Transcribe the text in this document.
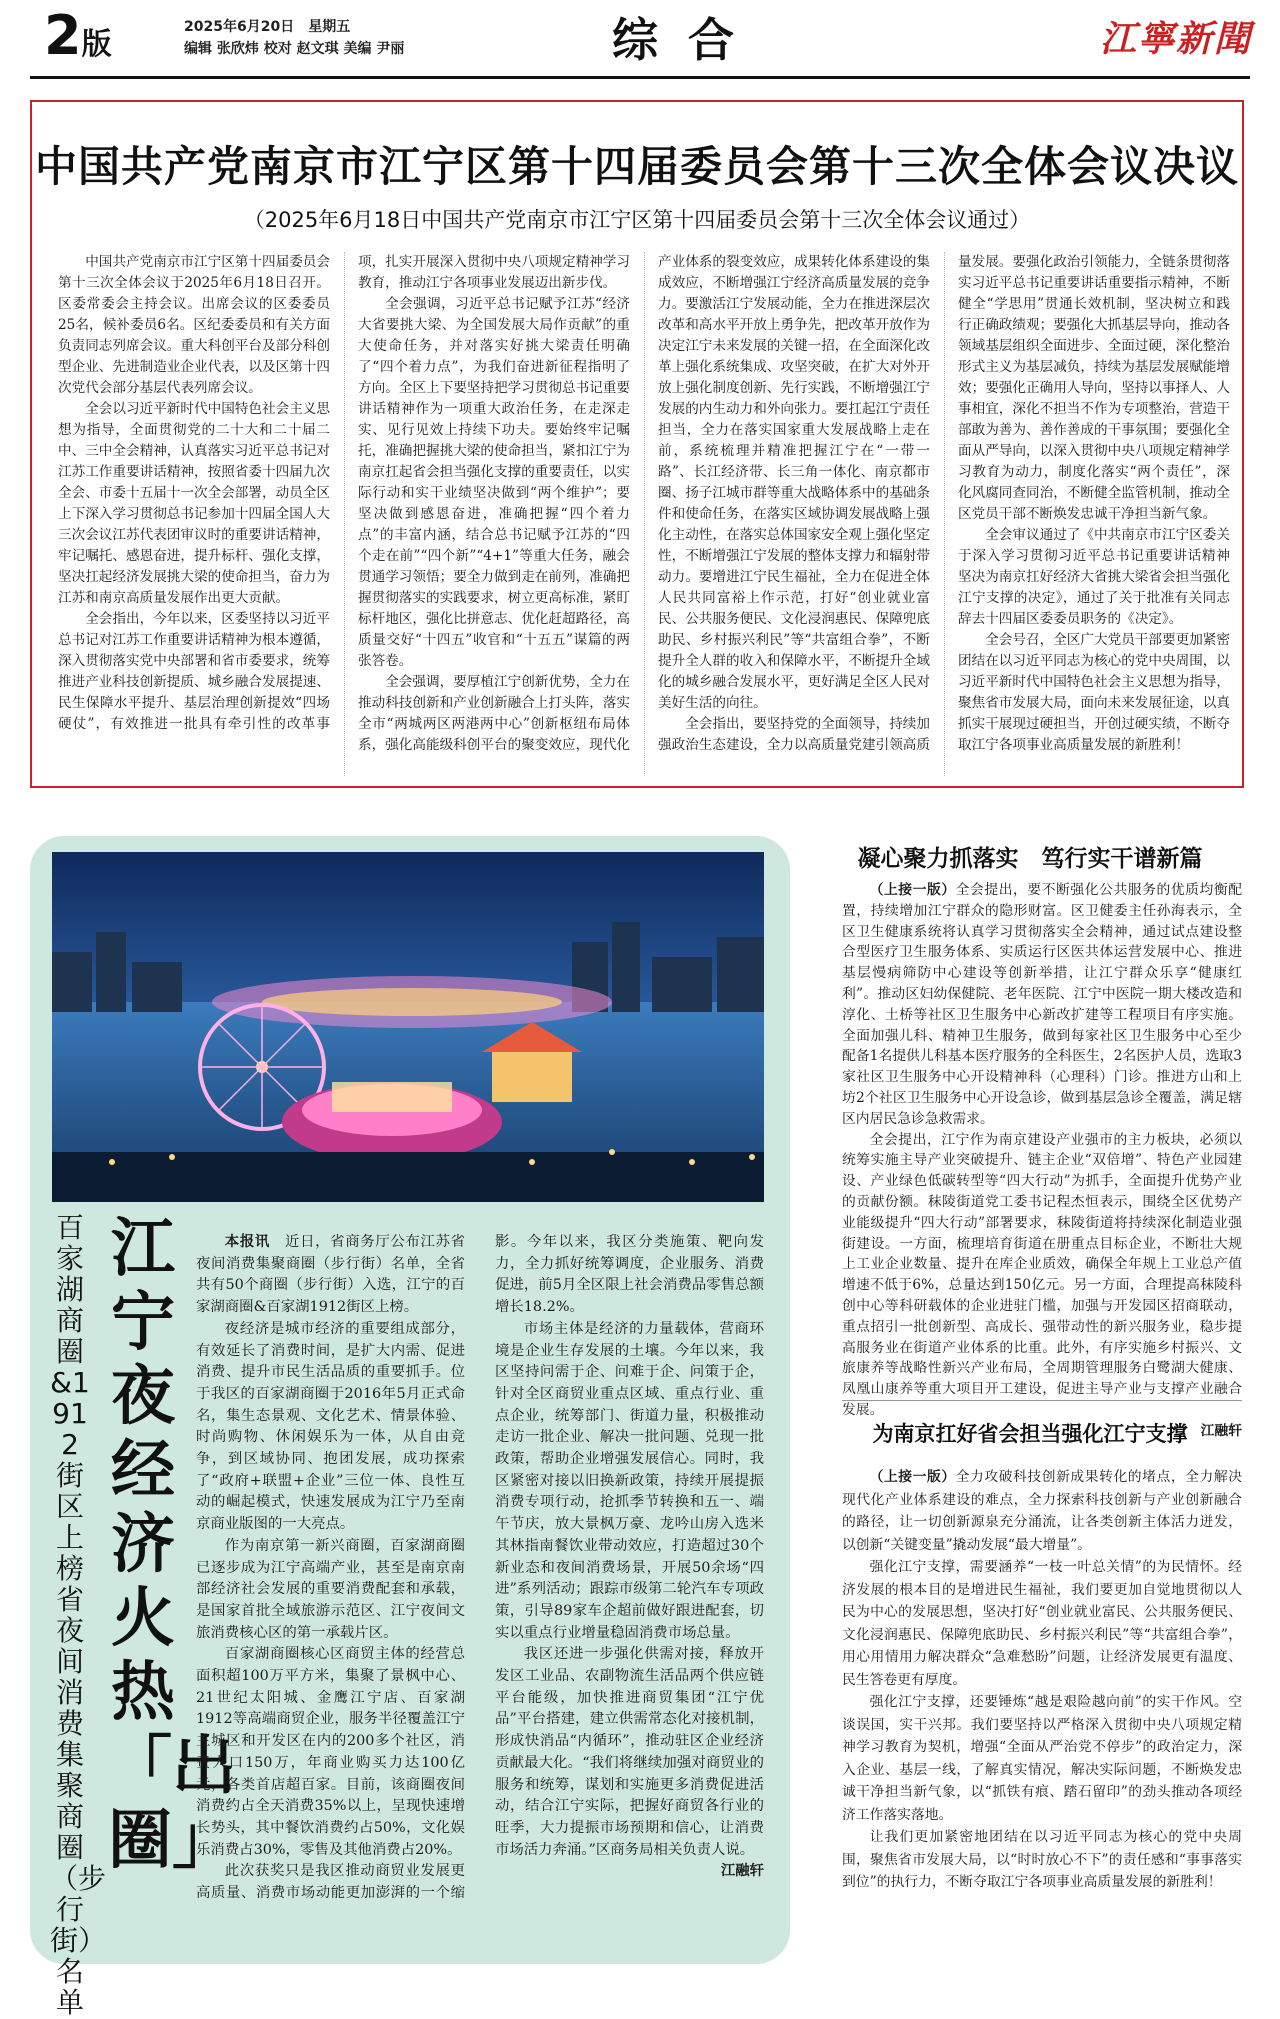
2版	2025年6月20日　星期五
编辑 张欣炜 校对 赵文琪 美编 尹丽	综合	江寧新聞
中国共产党南京市江宁区第十四届委员会第十三次全体会议决议
（2025年6月18日中国共产党南京市江宁区第十四届委员会第十三次全体会议通过）

中国共产党南京市江宁区第十四届委员会第十三次全体会议于2025年6月18日召开。区委常委会主持会议。出席会议的区委委员25名，候补委员6名。区纪委委员和有关方面负责同志列席会议。重大科创平台及部分科创型企业、先进制造业企业代表，以及区第十四次党代会部分基层代表列席会议。

全会以习近平新时代中国特色社会主义思想为指导，全面贯彻党的二十大和二十届二中、三中全会精神，认真落实习近平总书记对江苏工作重要讲话精神，按照省委十四届九次全会、市委十五届十一次全会部署，动员全区上下深入学习贯彻总书记参加十四届全国人大三次会议江苏代表团审议时的重要讲话精神，牢记嘱托、感恩奋进，提升标杆、强化支撑，坚决扛起经济发展挑大梁的使命担当，奋力为江苏和南京高质量发展作出更大贡献。

全会指出，今年以来，区委坚持以习近平总书记对江苏工作重要讲话精神为根本遵循，深入贯彻落实党中央部署和省市委要求，统筹推进产业科技创新提质、城乡融合发展提速、民生保障水平提升、基层治理创新提效“四场硬仗”，有效推进一批具有牵引性的改革事项，扎实开展深入贯彻中央八项规定精神学习教育，推动江宁各项事业发展迈出新步伐。

全会强调，习近平总书记赋予江苏“经济大省要挑大梁、为全国发展大局作贡献”的重大使命任务，并对落实好挑大梁责任明确了“四个着力点”，为我们奋进新征程指明了方向。全区上下要坚持把学习贯彻总书记重要讲话精神作为一项重大政治任务，在走深走实、见行见效上持续下功夫。要始终牢记嘱托，准确把握挑大梁的使命担当，紧扣江宁为南京扛起省会担当强化支撑的重要责任，以实际行动和实干业绩坚决做到“两个维护”；要坚决做到感恩奋进，准确把握“四个着力点”的丰富内涵，结合总书记赋予江苏的“四个走在前”“四个新”“4+1”等重大任务，融会贯通学习领悟；要全力做到走在前列，准确把握贯彻落实的实践要求，树立更高标准，紧盯标杆地区，强化比拼意志、优化赶超路径，高质量交好“十四五”收官和“十五五”谋篇的两张答卷。

全会强调，要厚植江宁创新优势，全力在推动科技创新和产业创新融合上打头阵，落实全市“两城两区两港两中心”创新枢纽布局体系，强化高能级科创平台的聚变效应，现代化产业体系的裂变效应，成果转化体系建设的集成效应，不断增强江宁经济高质量发展的竞争力。要激活江宁发展动能，全力在推进深层次改革和高水平开放上勇争先，把改革开放作为决定江宁未来发展的关键一招，在全面深化改革上强化系统集成、攻坚突破，在扩大对外开放上强化制度创新、先行实践，不断增强江宁发展的内生动力和外向张力。要扛起江宁责任担当，全力在落实国家重大发展战略上走在前，系统梳理并精准把握江宁在“一带一路”、长江经济带、长三角一体化、南京都市圈、扬子江城市群等重大战略体系中的基础条件和使命任务，在落实区域协调发展战略上强化主动性，在落实总体国家安全观上强化坚定性，不断增强江宁发展的整体支撑力和辐射带动力。要增进江宁民生福祉，全力在促进全体人民共同富裕上作示范，打好“创业就业富民、公共服务便民、文化浸润惠民、保障兜底助民、乡村振兴利民”等“共富组合拳”，不断提升全人群的收入和保障水平，不断提升全域化的城乡融合发展水平，更好满足全区人民对美好生活的向往。

全会指出，要坚持党的全面领导，持续加强政治生态建设，全力以高质量党建引领高质量发展。要强化政治引领能力，全链条贯彻落实习近平总书记重要讲话重要指示精神，不断健全“学思用”贯通长效机制，坚决树立和践行正确政绩观；要强化大抓基层导向，推动各领域基层组织全面进步、全面过硬，深化整治形式主义为基层减负，持续为基层发展赋能增效；要强化正确用人导向，坚持以事择人、人事相宜，深化不担当不作为专项整治，营造干部敢为善为、善作善成的干事氛围；要强化全面从严导向，以深入贯彻中央八项规定精神学习教育为动力，制度化落实“两个责任”，深化风腐同查同治，不断健全监管机制，推动全区党员干部不断焕发忠诚干净担当新气象。

全会审议通过了《中共南京市江宁区委关于深入学习贯彻习近平总书记重要讲话精神 坚决为南京扛好经济大省挑大梁省会担当强化江宁支撑的决定》，通过了关于批准有关同志辞去十四届区委委员职务的《决定》。

全会号召，全区广大党员干部要更加紧密团结在以习近平同志为核心的党中央周围，以习近平新时代中国特色社会主义思想为指导，聚焦省市发展大局，面向未来发展征途，以真抓实干展现过硬担当，开创过硬实绩，不断夺取江宁各项事业高质量发展的新胜利！

百家湖商圈&1912街区上榜省夜间消费集聚商圈（步行街）名单
江宁夜经济火热「出圈」

本报讯　 近日，省商务厅公布江苏省夜间消费集聚商圈（步行街）名单，全省共有50个商圈（步行街）入选，江宁的百家湖商圈&百家湖1912街区上榜。

夜经济是城市经济的重要组成部分，有效延长了消费时间，是扩大内需、促进消费、提升市民生活品质的重要抓手。位于我区的百家湖商圈于2016年5月正式命名，集生态景观、文化艺术、情景体验、时尚购物、休闲娱乐为一体，从自由竞争，到区域协同、抱团发展，成功探索了“政府+联盟+企业”三位一体、良性互动的崛起模式，快速发展成为江宁乃至南京商业版图的一大亮点。

作为南京第一新兴商圈，百家湖商圈已逐步成为江宁高端产业，甚至是南京南部经济社会发展的重要消费配套和承载，是国家首批全域旅游示范区、江宁夜间文旅消费核心区的第一承载片区。

百家湖商圈核心区商贸主体的经营总面积超100万平方米，集聚了景枫中心、21世纪太阳城、金鹰江宁店、百家湖1912等高端商贸企业，服务半径覆盖江宁主城区和开发区在内的200多个社区，消费人口150万，年商业购买力达100亿元，各类首店超百家。目前，该商圈夜间消费约占全天消费35%以上，呈现快速增长势头，其中餐饮消费约占50%，文化娱乐消费占30%，零售及其他消费占20%。

此次获奖只是我区推动商贸业发展更高质量、消费市场动能更加澎湃的一个缩影。今年以来，我区分类施策、靶向发力，全力抓好统筹调度，企业服务、消费促进，前5月全区限上社会消费品零售总额增长18.2%。

市场主体是经济的力量载体，营商环境是企业生存发展的土壤。今年以来，我区坚持问需于企、问难于企、问策于企，针对全区商贸业重点区域、重点行业、重点企业，统筹部门、街道力量，积极推动走访一批企业、解决一批问题、兑现一批政策，帮助企业增强发展信心。同时，我区紧密对接以旧换新政策，持续开展提振消费专项行动，抢抓季节转换和五一、端午节庆，放大景枫万豪、龙吟山房入选米其林指南餐饮业带动效应，打造超过30个新业态和夜间消费场景，开展50余场“四进”系列活动；跟踪市级第二轮汽车专项政策，引导89家车企超前做好跟进配套，切实以重点行业增量稳固消费市场总量。

我区还进一步强化供需对接，释放开发区工业品、农副物流生活品两个供应链平台能级，加快推进商贸集团“江宁优品”平台搭建，建立供需常态化对接机制，形成快消品“内循环”，推动驻区企业经济贡献最大化。“我们将继续加强对商贸业的服务和统筹，谋划和实施更多消费促进活动，结合江宁实际，把握好商贸各行业的旺季，大力提振市场预期和信心，让消费市场活力奔涌。”区商务局相关负责人说。

江融轩
凝心聚力抓落实　笃行实干谱新篇

（上接一版）全会提出，要不断强化公共服务的优质均衡配置，持续增加江宁群众的隐形财富。区卫健委主任孙海表示，全区卫生健康系统将认真学习贯彻落实全会精神，通过试点建设整合型医疗卫生服务体系、实质运行区医共体运营发展中心、推进基层慢病筛防中心建设等创新举措，让江宁群众乐享“健康红利”。推动区妇幼保健院、老年医院、江宁中医院一期大楼改造和淳化、土桥等社区卫生服务中心新改扩建等工程项目有序实施。全面加强儿科、精神卫生服务，做到每家社区卫生服务中心至少配备1名提供儿科基本医疗服务的全科医生，2名医护人员，选取3家社区卫生服务中心开设精神科（心理科）门诊。推进方山和上坊2个社区卫生服务中心开设急诊，做到基层急诊全覆盖，满足辖区内居民急诊急救需求。

全会提出，江宁作为南京建设产业强市的主力板块，必须以统筹实施主导产业突破提升、链主企业“双倍增”、特色产业园建设、产业绿色低碳转型等“四大行动”为抓手，全面提升优势产业的贡献份额。秣陵街道党工委书记程杰恒表示，围绕全区优势产业能级提升“四大行动”部署要求，秣陵街道将持续深化制造业强街建设。一方面，梳理培育街道在册重点目标企业，不断壮大规上工业企业数量、提升在库企业质效，确保全年规上工业总产值增速不低于6%，总量达到150亿元。另一方面，合理提高秣陵科创中心等科研载体的企业进驻门槛，加强与开发园区招商联动，重点招引一批创新型、高成长、强带动性的新兴服务业，稳步提高服务业在街道产业体系的比重。此外，有序实施乡村振兴、文旅康养等战略性新兴产业布局，全周期管理服务白鹭湖大健康、凤凰山康养等重大项目开工建设，促进主导产业与支撑产业融合发展。

江融轩
为南京扛好省会担当强化江宁支撑

（上接一版）全力攻破科技创新成果转化的堵点，全力解决现代化产业体系建设的难点，全力探索科技创新与产业创新融合的路径，让一切创新源泉充分涌流，让各类创新主体活力迸发，以创新“关键变量”撬动发展“最大增量”。

强化江宁支撑，需要涵养“一枝一叶总关情”的为民情怀。经济发展的根本目的是增进民生福祉，我们要更加自觉地贯彻以人民为中心的发展思想，坚决打好“创业就业富民、公共服务便民、文化浸润惠民、保障兜底助民、乡村振兴利民”等“共富组合拳”，用心用情用力解决群众“急难愁盼”问题，让经济发展更有温度、民生答卷更有厚度。

强化江宁支撑，还要锤炼“越是艰险越向前”的实干作风。空谈误国，实干兴邦。我们要坚持以严格深入贯彻中央八项规定精神学习教育为契机，增强“全面从严治党不停步”的政治定力，深入企业、基层一线，了解真实情况，解决实际问题，不断焕发忠诚干净担当新气象，以“抓铁有痕、踏石留印”的劲头推动各项经济工作落实落地。

让我们更加紧密地团结在以习近平同志为核心的党中央周围，聚焦省市发展大局，以“时时放心不下”的责任感和“事事落实到位”的执行力，不断夺取江宁各项事业高质量发展的新胜利！
